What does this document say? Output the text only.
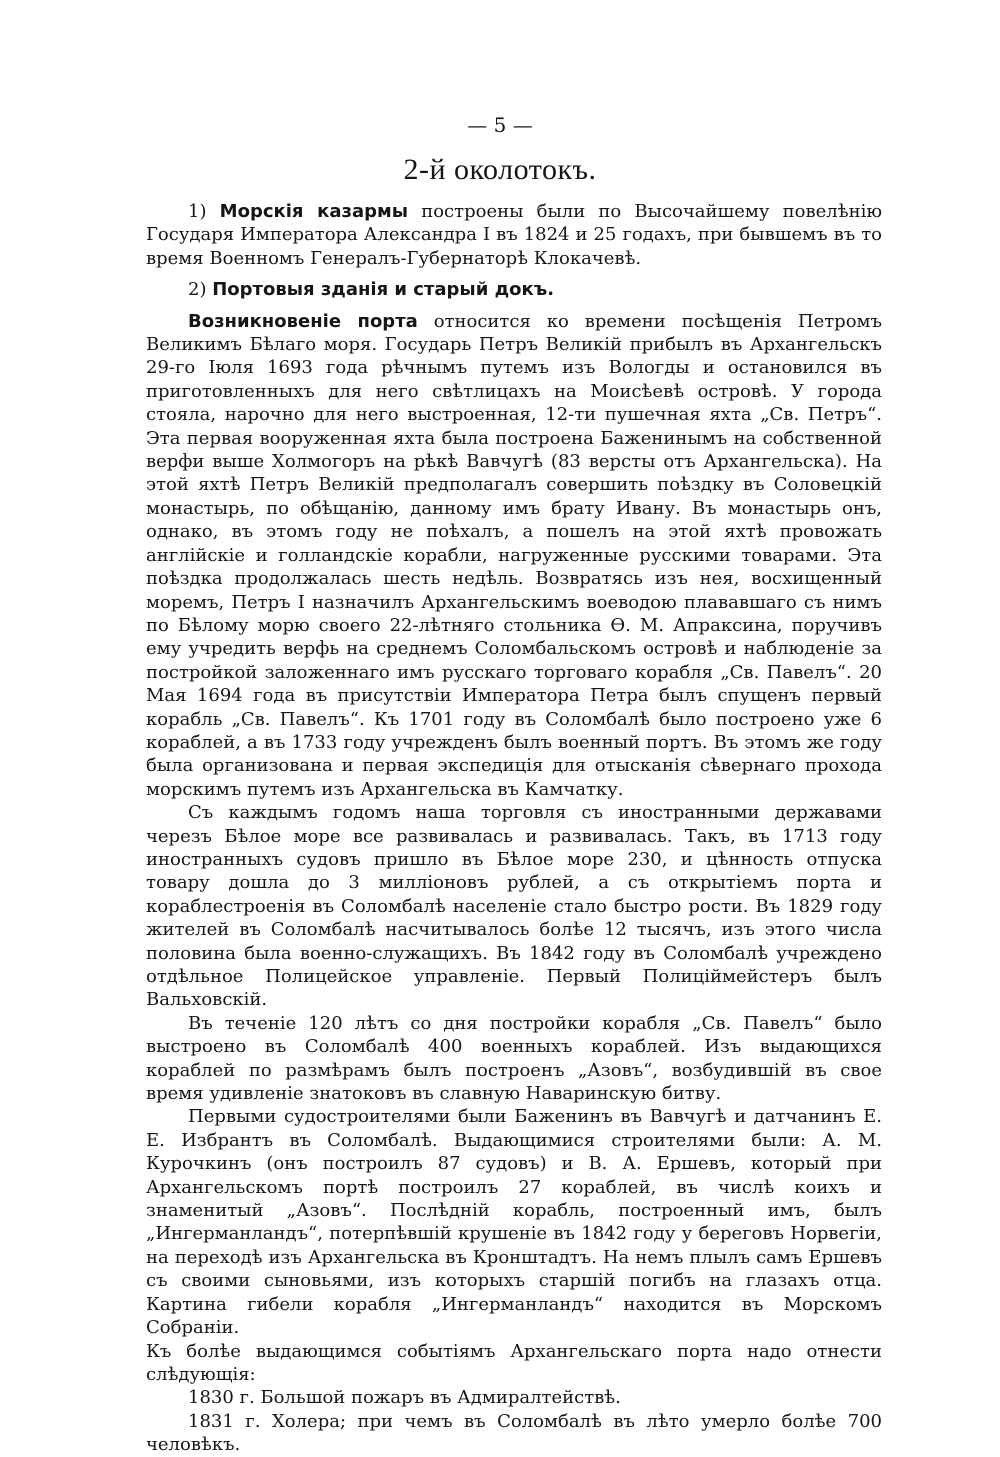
— 5 —
2-й околотокъ.

1) Морскія казармы построены были по Высочайшему повелѣнію Государя Императора Александра I въ 1824 и 25 годахъ, при бывшемъ въ то время Военномъ Генералъ-Губернаторѣ Клокачевѣ.

2) Портовыя зданія и старый докъ.

Возникновеніе порта относится ко времени посѣщенія Петромъ Великимъ Бѣлаго моря. Государь Петръ Великій прибылъ въ Архангельскъ 29-го Іюля 1693 года рѣчнымъ путемъ изъ Вологды и остановился въ приготовленныхъ для него свѣтлицахъ на Моисѣевѣ островѣ. У города стояла, нарочно для него выстроенная, 12-ти пушечная яхта „Св. Петръ“. Эта первая вооруженная яхта была построена Баженинымъ на собственной верфи выше Холмогоръ на рѣкѣ Вавчугѣ (83 версты отъ Архангельска). На этой яхтѣ Петръ Великій предполагалъ совершить поѣздку въ Соловецкій монастырь, по обѣщанію, данному имъ брату Ивану. Въ монастырь онъ, однако, въ этомъ году не поѣхалъ, а пошелъ на этой яхтѣ провожать англійскіе и голландскіе корабли, нагруженные русскими товарами. Эта поѣздка продолжалась шесть недѣль. Возвратясь изъ нея, восхищенный моремъ, Петръ I назначилъ Архангельскимъ воеводою плававшаго съ нимъ по Бѣлому морю своего 22-лѣтняго стольника Ѳ. М. Апраксина, поручивъ ему учредить верфь на среднемъ Соломбальскомъ островѣ и наблюденіе за постройкой заложеннаго имъ русскаго торговаго корабля „Св. Павелъ“. 20 Мая 1694 года въ присутствіи Императора Петра былъ спущенъ первый корабль „Св. Павелъ“. Къ 1701 году въ Соломбалѣ было построено уже 6 кораблей, а въ 1733 году учрежденъ былъ военный портъ. Въ этомъ же году была организована и первая экспедиція для отысканія сѣвернаго прохода морскимъ путемъ изъ Архангельска въ Камчатку.

Съ каждымъ годомъ наша торговля съ иностранными державами черезъ Бѣлое море все развивалась и развивалась. Такъ, въ 1713 году иностранныхъ судовъ пришло въ Бѣлое море 230, и цѣнность отпуска товару дошла до 3 милліоновъ рублей, а съ открытіемъ порта и кораблестроенія въ Соломбалѣ населеніе стало быстро рости. Въ 1829 году жителей въ Соломбалѣ насчитывалось болѣе 12 тысячъ, изъ этого числа половина была военно-служащихъ. Въ 1842 году въ Соломбалѣ учреждено отдѣльное Полицейское управленіе. Первый Полиціймейстеръ былъ Вальховскій.

Въ теченіе 120 лѣтъ со дня постройки корабля „Св. Павелъ“ было выстроено въ Соломбалѣ 400 военныхъ кораблей. Изъ выдающихся кораблей по размѣрамъ былъ построенъ „Азовъ“, возбудившій въ свое время удивленіе знатоковъ въ славную Наваринскую битву.

Первыми судостроителями были Баженинъ въ Вавчугѣ и датчанинъ Е. Е. Избрантъ въ Соломбалѣ. Выдающимися строителями были: А. М. Курочкинъ (онъ построилъ 87 судовъ) и В. А. Ершевъ, который при Архангельскомъ портѣ построилъ 27 кораблей, въ числѣ коихъ и знаменитый „Азовъ“. Послѣдній корабль, построенный имъ, былъ „Ингерманландъ“, потерпѣвшій крушеніе въ 1842 году у береговъ Норвегіи, на переходѣ изъ Архангельска въ Кронштадтъ. На немъ плылъ самъ Ершевъ съ своими сыновьями, изъ которыхъ старшій погибъ на глазахъ отца. Картина гибели корабля „Ингерманландъ“ находится въ Морскомъ Собраніи.

Къ болѣе выдающимся событіямъ Архангельскаго порта надо отнести слѣдующія:

1830 г. Большой пожаръ въ Адмиралтействѣ.

1831 г. Холера; при чемъ въ Соломбалѣ въ лѣто умерло болѣе 700 человѣкъ.
